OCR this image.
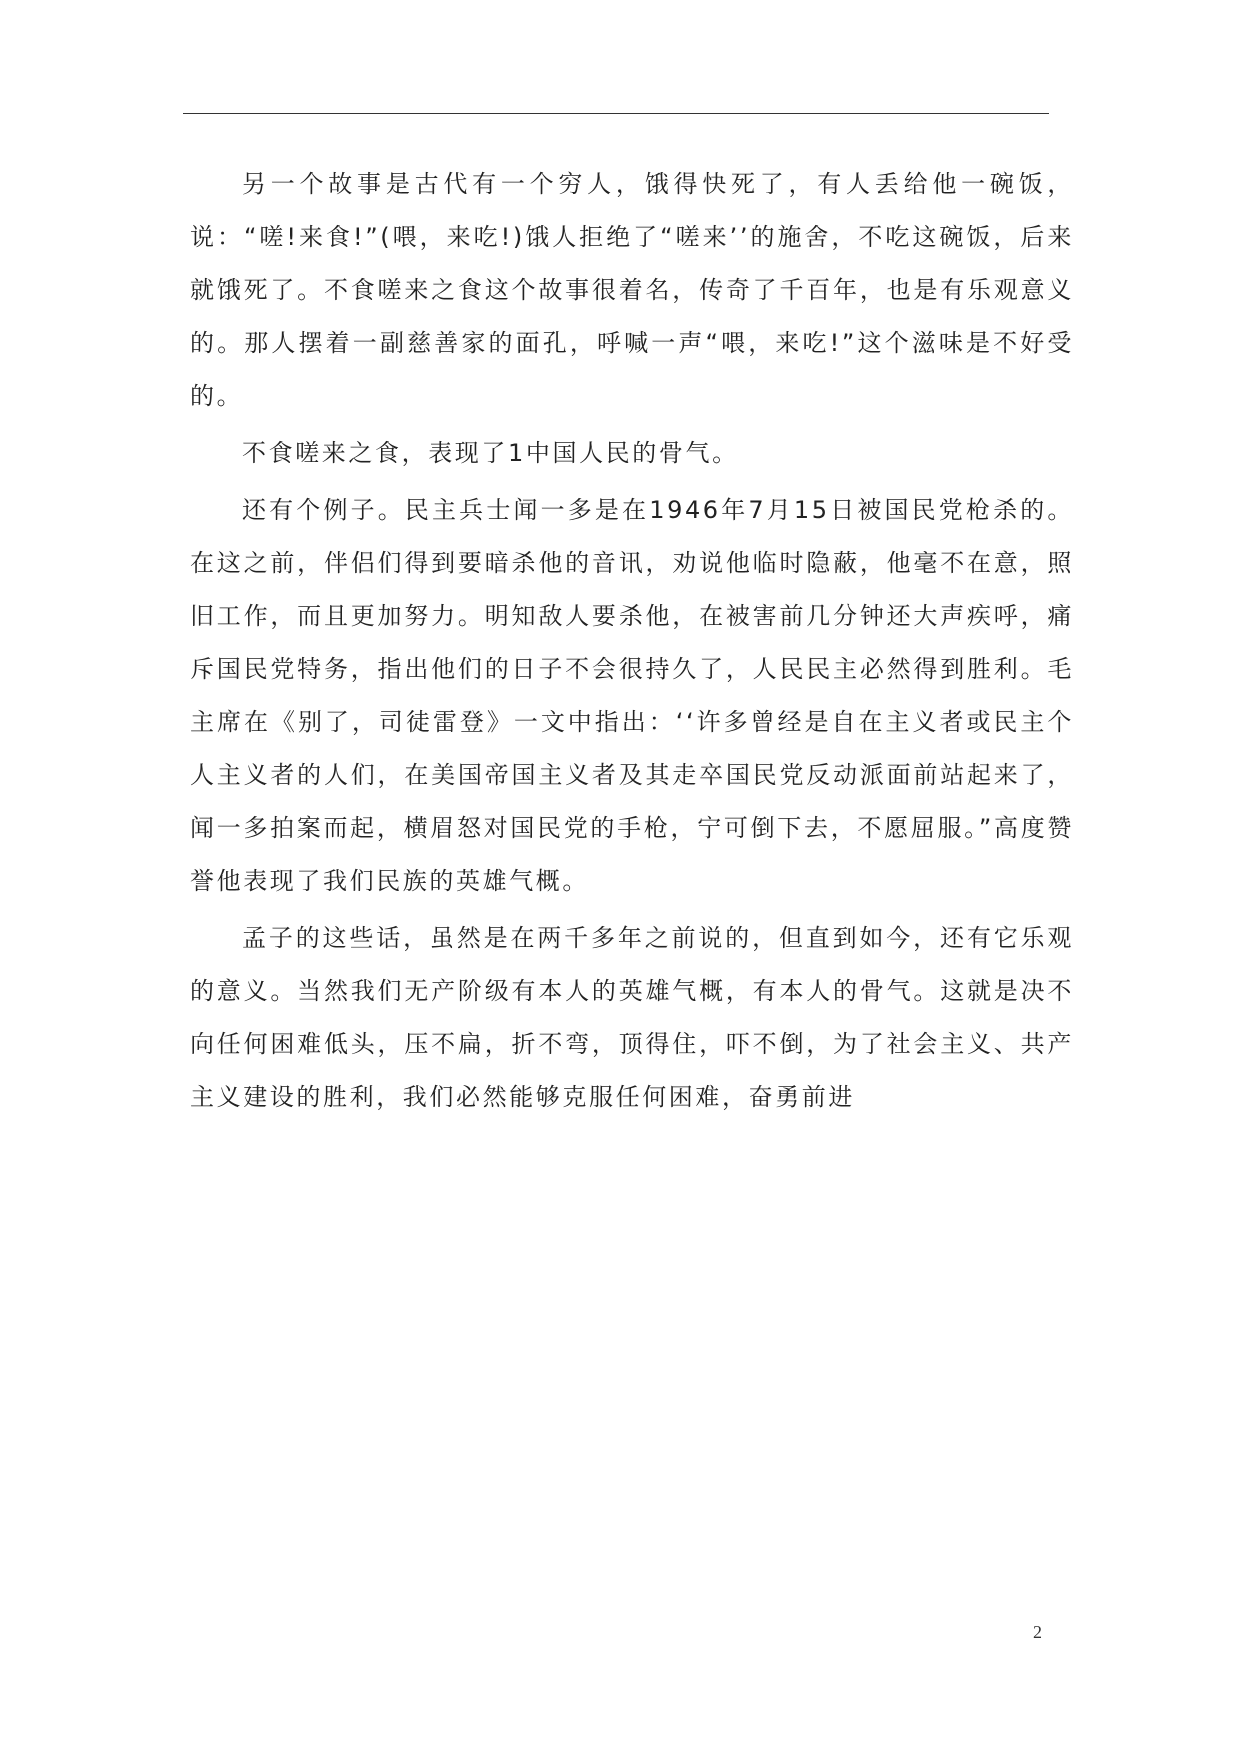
另一个故事是古代有一个穷人，饿得快死了，有人丢给他一碗饭，说：“嗟!来食!”(喂，来吃!)饿人拒绝了“嗟来’’的施舍，不吃这碗饭，后来就饿死了。不食嗟来之食这个故事很着名，传奇了千百年，也是有乐观意义的。那人摆着一副慈善家的面孔，呼喊一声“喂，来吃!”这个滋味是不好受的。

不食嗟来之食，表现了1中国人民的骨气。

还有个例子。民主兵士闻一多是在1946年7月15日被国民党枪杀的。在这之前，伴侣们得到要暗杀他的音讯，劝说他临时隐蔽，他毫不在意，照旧工作，而且更加努力。明知敌人要杀他，在被害前几分钟还大声疾呼，痛斥国民党特务，指出他们的日子不会很持久了，人民民主必然得到胜利。毛主席在《别了，司徒雷登》一文中指出：‘‘许多曾经是自在主义者或民主个人主义者的人们，在美国帝国主义者及其走卒国民党反动派面前站起来了，闻一多拍案而起，横眉怒对国民党的手枪，宁可倒下去，不愿屈服。”高度赞誉他表现了我们民族的英雄气概。

孟子的这些话，虽然是在两千多年之前说的，但直到如今，还有它乐观的意义。当然我们无产阶级有本人的英雄气概，有本人的骨气。这就是决不向任何困难低头，压不扁，折不弯，顶得住，吓不倒，为了社会主义、共产主义建设的胜利，我们必然能够克服任何困难，奋勇前进

2
